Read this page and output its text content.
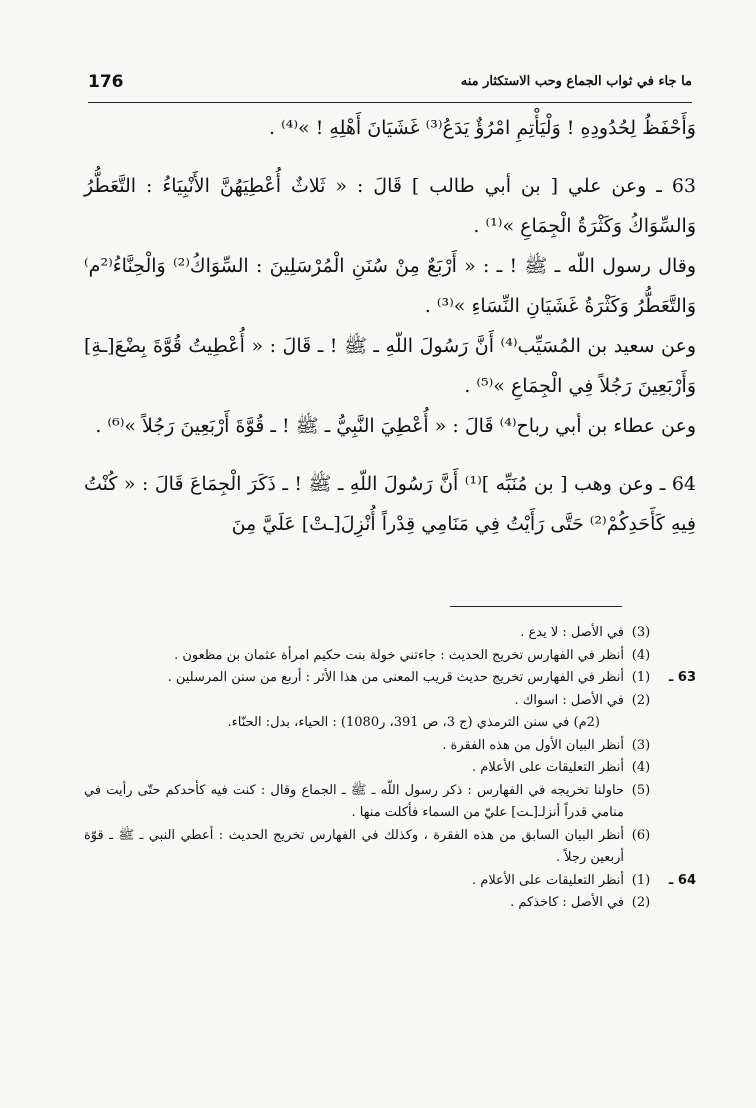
176	ما جاء في ثواب الجماع وحب الاستكثار منه

وَأَحْفَظُ لِحُدُودِهِ ! وَلْيَأْتِمِ امْرُؤٌ يَدَعُ⁽³⁾ غَشَيَانَ أَهْلِهِ ! »⁽⁴⁾ .

63 ـ وعن علي [ بن أبي طالب ] قَالَ : « ثَلاثٌ أُعْطِيَهُنَّ الأَنْبِيَاءُ : التَّعَطُّرُ وَالسِّوَاكُ وَكَثْرَةُ الْجِمَاعِ »⁽¹⁾ .

وقال رسول اللّه ـ ﷺ ! ـ : « أَرْبَعٌ مِنْ سُنَنِ الْمُرْسَلِينَ : السِّوَاكُ⁽²⁾ وَالْحِنَّاءُ⁽²م⁾ وَالتَّعَطُّرُ وَكَثْرَةُ غَشَيَانِ النِّسَاءِ »⁽³⁾ .

وعن سعيد بن المُسَيِّب⁽⁴⁾ أَنَّ رَسُولَ اللّهِ ـ ﷺ ! ـ قَالَ : « أُعْطِيتُ قُوَّةَ بِضْعَ[ـةِ] وَأَرْبَعِينَ رَجُلاً فِي الْجِمَاعِ »⁽⁵⁾ .

وعن عطاء بن أبي رباح⁽⁴⁾ قَالَ : « أُعْطِيَ النَّبِيُّ ـ ﷺ ! ـ قُوَّةَ أَرْبَعِينَ رَجُلاً »⁽⁶⁾ .

64 ـ وعن وهب [ بن مُنَبِّه ]⁽¹⁾ أَنَّ رَسُولَ اللّهِ ـ ﷺ ! ـ ذَكَرَ الْجِمَاعَ قَالَ : « كُنْتُ فِيهِ كَأَحَدِكُمْ⁽²⁾ حَتَّى رَأَيْتُ فِي مَنَامِي قِدْراً أُنْزِلَ[ـتْ] عَلَيَّ مِنَ

(3)
في الأصل : لا يدع .
(4)
أنظر في الفهارس تخريج الحديث : جاءتني خولة بنت حكيم امرأة عثمان بن مظعون .
63 ـ
(1)
أنظر في الفهارس تخريج حديث قريب المعنى من هذا الأثر : أربع من سنن المرسلين .
(2)
في الأصل : اسواك .
(2م) في سنن الترمذي (ج 3، ص 391، ر1080) : الحياء، بدل: الحنّاء.
(3)
أنظر البيان الأول من هذه الفقرة .
(4)
أنظر التعليقات على الأعلام .
(5)
حاولنا تخريجه في الفهارس : ذكر رسول اللّه ـ ﷺ ـ الجماع وقال : كنت فيه كأحدكم حتّى رأيت في منامي قدراً أنزلـ[ـت] عليّ من السماء فأكلت منها .
(6)
أنظر البيان السابق من هذه الفقرة ، وكذلك في الفهارس تخريج الحديث : أعطي النبي ـ ﷺ ـ قوّة أربعين رجلاً .
64 ـ
(1)
أنظر التعليقات على الأعلام .
(2)
في الأصل : كاخذكم .
